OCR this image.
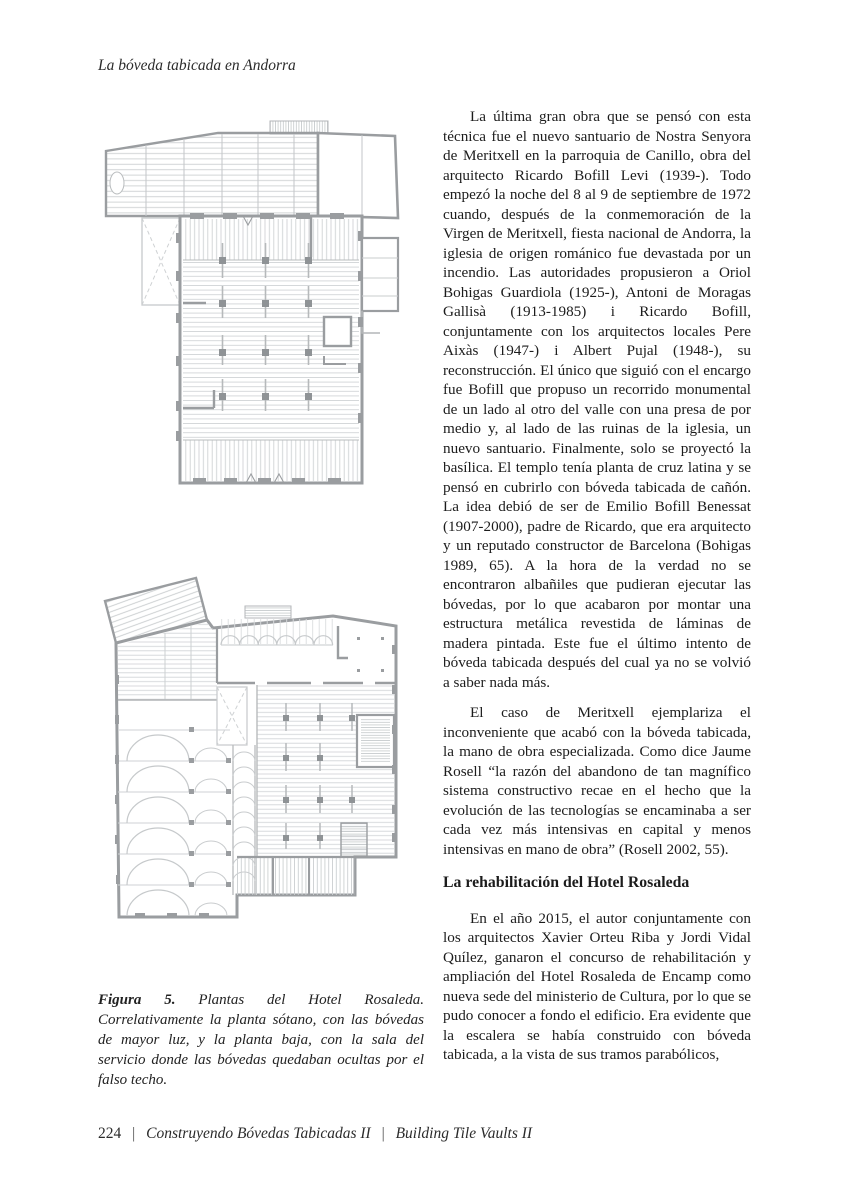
La bóveda tabicada en Andorra
Figura 5. Plantas del Hotel Rosaleda. Correlativamente la planta sótano, con las bóvedas de mayor luz, y la planta baja, con la sala del servicio donde las bóvedas quedaban ocultas por el falso techo.

La última gran obra que se pensó con esta técnica fue el nuevo santuario de Nostra Senyora de Meritxell en la parroquia de Canillo, obra del arquitecto Ricardo Bofill Levi (1939-). Todo empezó la noche del 8 al 9 de septiembre de 1972 cuando, después de la conmemoración de la Virgen de Meritxell, fiesta nacional de Andorra, la iglesia de origen románico fue devastada por un incendio. Las autoridades propusieron a Oriol Bohigas Guardiola (1925-), Antoni de Moragas Gallisà (1913-1985) i Ricardo Bofill, conjuntamente con los arquitectos locales Pere Aixàs (1947-) i Albert Pujal (1948-), su reconstrucción. El único que siguió con el encargo fue Bofill que propuso un recorrido monumental de un lado al otro del valle con una presa de por medio y, al lado de las ruinas de la iglesia, un nuevo santuario. Finalmente, solo se proyectó la basílica. El templo tenía planta de cruz latina y se pensó en cubrirlo con bóveda tabicada de cañón. La idea debió de ser de Emilio Bofill Benessat (1907-2000), padre de Ricardo, que era arquitecto y un reputado constructor de Barcelona (Bohigas 1989, 65). A la hora de la verdad no se encontraron albañiles que pudieran ejecutar las bóvedas, por lo que acabaron por montar una estructura metálica revestida de láminas de madera pintada. Este fue el último intento de bóveda tabicada después del cual ya no se volvió a saber nada más.

El caso de Meritxell ejemplariza el inconveniente que acabó con la bóveda tabicada, la mano de obra especializada. Como dice Jaume Rosell “la razón del abandono de tan magnífico sistema constructivo recae en el hecho que la evolución de las tecnologías se encaminaba a ser cada vez más intensivas en capital y menos intensivas en mano de obra” (Rosell 2002, 55).

La rehabilitación del Hotel Rosaleda

En el año 2015, el autor conjuntamente con los arquitectos Xavier Orteu Riba y Jordi Vidal Quílez, ganaron el concurso de rehabilitación y ampliación del Hotel Rosaleda de Encamp como nueva sede del ministerio de Cultura, por lo que se pudo conocer a fondo el edificio. Era evidente que la escalera se había construido con bóveda tabicada, a la vista de sus tramos parabólicos,

224 | Construyendo Bóvedas Tabicadas II | Building Tile Vaults II
